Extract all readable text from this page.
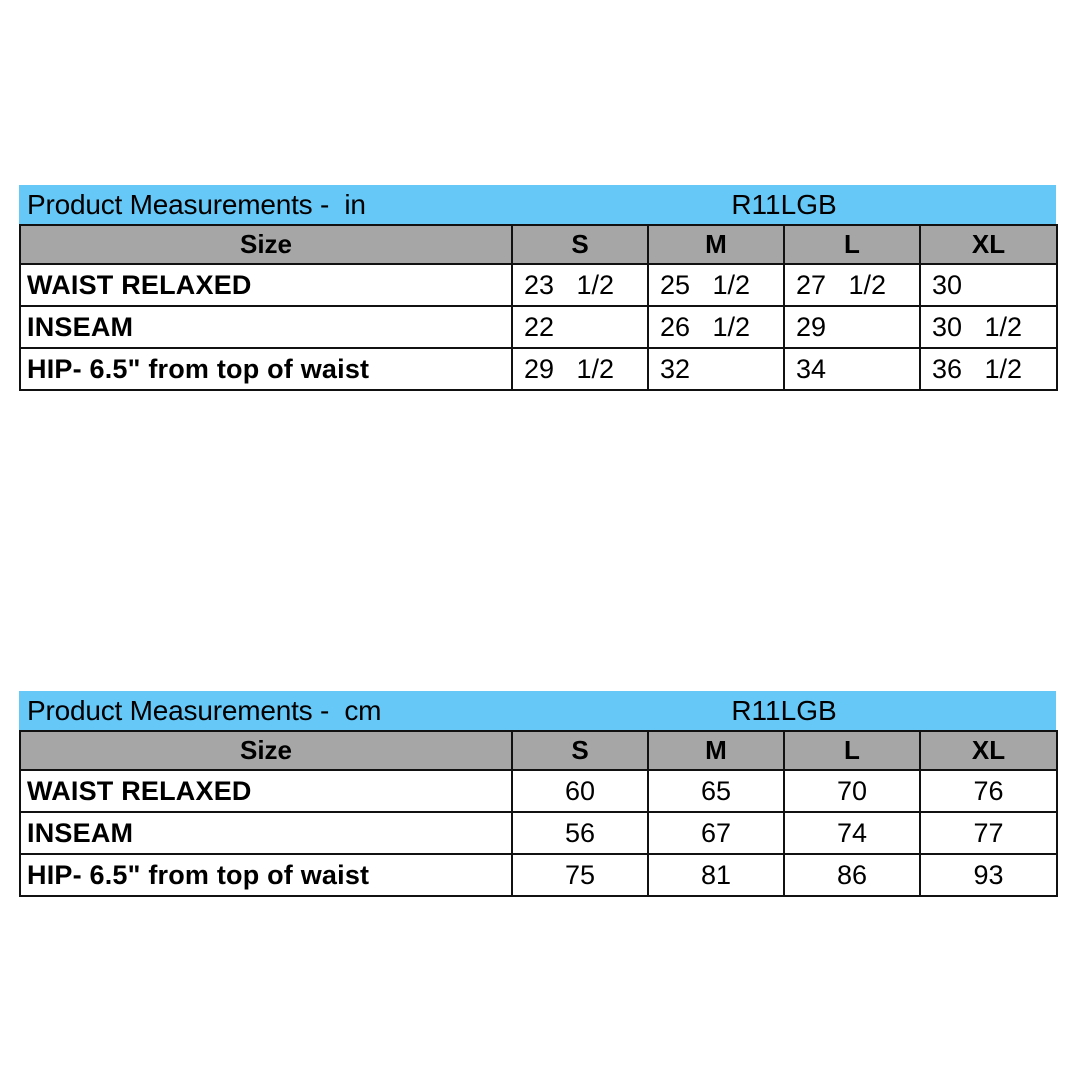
Product Measurements -  in	R11LGB
Size	S	M	L	XL
WAIST RELAXED	23   1/2	25   1/2	27   1/2	30
INSEAM	22	26   1/2	29	30   1/2
HIP- 6.5" from top of waist	29   1/2	32	34	36   1/2
Product Measurements -  cm	R11LGB
Size	S	M	L	XL
WAIST RELAXED	60	65	70	76
INSEAM	56	67	74	77
HIP- 6.5" from top of waist	75	81	86	93
